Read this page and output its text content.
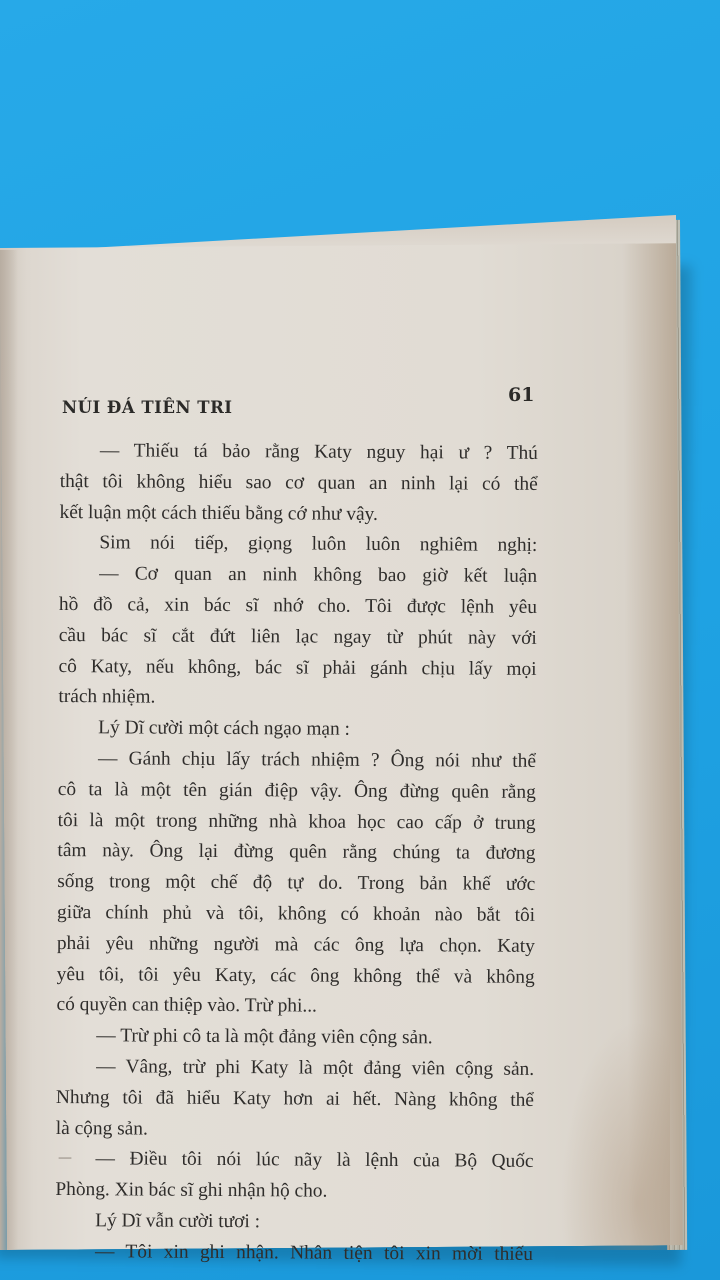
NÚI ĐÁ TIÊN TRI
61
— Thiếu tá bảo rằng Katy nguy hại ư ? Thú
thật tôi không hiểu sao cơ quan an ninh lại có thể
kết luận một cách thiếu bằng cớ như vậy.
Sim nói tiếp, giọng luôn luôn nghiêm nghị:
— Cơ quan an ninh không bao giờ kết luận
hồ đồ cả, xin bác sĩ nhớ cho. Tôi được lệnh yêu
cầu bác sĩ cắt đứt liên lạc ngay từ phút này với
cô Katy, nếu không, bác sĩ phải gánh chịu lấy mọi
trách nhiệm.
Lý Dĩ cười một cách ngạo mạn :
— Gánh chịu lấy trách nhiệm ? Ông nói như thể
cô ta là một tên gián điệp vậy. Ông đừng quên rằng
tôi là một trong những nhà khoa học cao cấp ở trung
tâm này. Ông lại đừng quên rằng chúng ta đương
sống trong một chế độ tự do. Trong bản khế ước
giữa chính phủ và tôi, không có khoản nào bắt tôi
phải yêu những người mà các ông lựa chọn. Katy
yêu tôi, tôi yêu Katy, các ông không thể và không
có quyền can thiệp vào. Trừ phi...
— Trừ phi cô ta là một đảng viên cộng sản.
— Vâng, trừ phi Katy là một đảng viên cộng sản.
Nhưng tôi đã hiểu Katy hơn ai hết. Nàng không thể
là cộng sản.
— Điều tôi nói lúc nãy là lệnh của Bộ Quốc
Phòng. Xin bác sĩ ghi nhận hộ cho.
Lý Dĩ vẫn cười tươi :
— Tôi xin ghi nhận. Nhân tiện tôi xin mời thiếu
—
